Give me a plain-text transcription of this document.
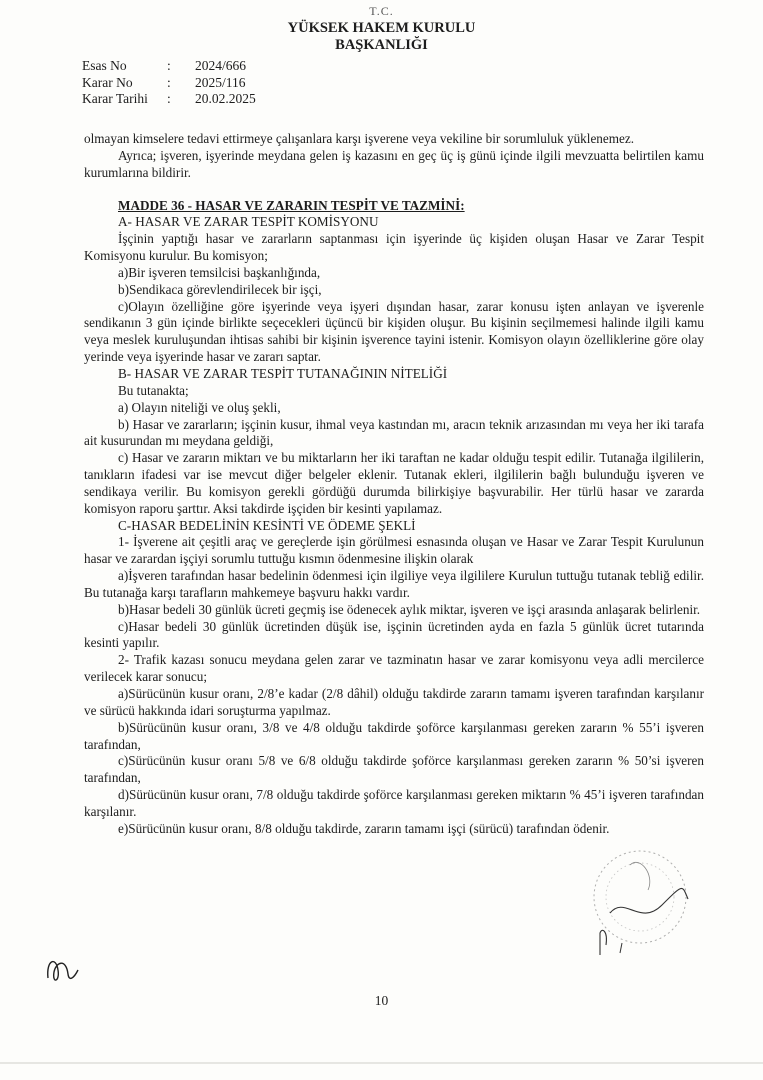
T.C.
YÜKSEK HAKEM KURULU
BAŞKANLIĞI
Esas No	:	2024/666
Karar No	:	2025/116
Karar Tarihi	:	20.02.2025

olmayan kimselere tedavi ettirmeye çalışanlara karşı işverene veya vekiline bir sorumluluk yüklenemez.

Ayrıca; işveren, işyerinde meydana gelen iş kazasını en geç üç iş günü içinde ilgili mevzuatta belirtilen kamu kurumlarına bildirir.

MADDE 36 - HASAR VE ZARARIN TESPİT VE TAZMİNİ:

A- HASAR VE ZARAR TESPİT KOMİSYONU

İşçinin yaptığı hasar ve zararların saptanması için işyerinde üç kişiden oluşan Hasar ve Zarar Tespit Komisyonu kurulur. Bu komisyon;

a)Bir işveren temsilcisi başkanlığında,

b)Sendikaca görevlendirilecek bir işçi,

c)Olayın özelliğine göre işyerinde veya işyeri dışından hasar, zarar konusu işten anlayan ve işverenle sendikanın 3 gün içinde birlikte seçecekleri üçüncü bir kişiden oluşur. Bu kişinin seçilmemesi halinde ilgili kamu veya meslek kuruluşundan ihtisas sahibi bir kişinin işverence tayini istenir. Komisyon olayın özelliklerine göre olay yerinde veya işyerinde hasar ve zararı saptar.

B- HASAR VE ZARAR TESPİT TUTANAĞININ NİTELİĞİ

Bu tutanakta;

a) Olayın niteliği ve oluş şekli,

b) Hasar ve zararların; işçinin kusur, ihmal veya kastından mı, aracın teknik arızasından mı veya her iki tarafa ait kusurundan mı meydana geldiği,

c) Hasar ve zararın miktarı ve bu miktarların her iki taraftan ne kadar olduğu tespit edilir. Tutanağa ilgililerin, tanıkların ifadesi var ise mevcut diğer belgeler eklenir. Tutanak ekleri, ilgililerin bağlı bulunduğu işveren ve sendikaya verilir. Bu komisyon gerekli gördüğü durumda bilirkişiye başvurabilir. Her türlü hasar ve zararda komisyon raporu şarttır. Aksi takdirde işçiden bir kesinti yapılamaz.

C-HASAR BEDELİNİN KESİNTİ VE ÖDEME ŞEKLİ

1- İşverene ait çeşitli araç ve gereçlerde işin görülmesi esnasında oluşan ve Hasar ve Zarar Tespit Kurulunun hasar ve zarardan işçiyi sorumlu tuttuğu kısmın ödenmesine ilişkin olarak

a)İşveren tarafından hasar bedelinin ödenmesi için ilgiliye veya ilgililere Kurulun tuttuğu tutanak tebliğ edilir. Bu tutanağa karşı tarafların mahkemeye başvuru hakkı vardır.

b)Hasar bedeli 30 günlük ücreti geçmiş ise ödenecek aylık miktar, işveren ve işçi arasında anlaşarak belirlenir.

c)Hasar bedeli 30 günlük ücretinden düşük ise, işçinin ücretinden ayda en fazla 5 günlük ücret tutarında kesinti yapılır.

2- Trafik kazası sonucu meydana gelen zarar ve tazminatın hasar ve zarar komisyonu veya adli mercilerce verilecek karar sonucu;

a)Sürücünün kusur oranı, 2/8’e kadar (2/8 dâhil) olduğu takdirde zararın tamamı işveren tarafından karşılanır ve sürücü hakkında idari soruşturma yapılmaz.

b)Sürücünün kusur oranı, 3/8 ve 4/8 olduğu takdirde şoförce karşılanması gereken zararın % 55’i işveren tarafından,

c)Sürücünün kusur oranı 5/8 ve 6/8 olduğu takdirde şoförce karşılanması gereken zararın % 50’si işveren tarafından,

d)Sürücünün kusur oranı, 7/8 olduğu takdirde şoförce karşılanması gereken miktarın % 45’i işveren tarafından karşılanır.

e)Sürücünün kusur oranı, 8/8 olduğu takdirde, zararın tamamı işçi (sürücü) tarafından ödenir.

10
